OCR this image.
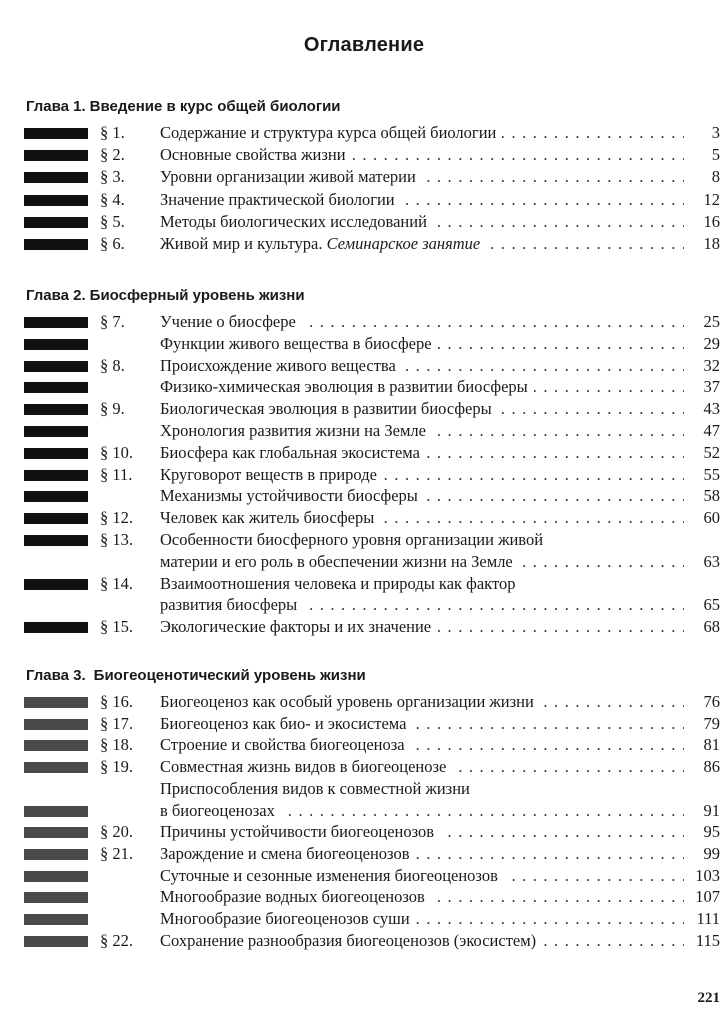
Оглавление
Глава 1. Введение в курс общей биологии
§ 1.	Содержание и структура курса общей биологии . . .	3
§ 2.	Основные свойства жизни . . .	5
§ 3.	Уровни организации живой материи . . .	8
§ 4.	Значение практической биологии . . .	12
§ 5.	Методы биологических исследований . . .	16
§ 6.	Живой мир и культура. Семинарское занятие . . .	18
Глава 2. Биосферный уровень жизни
§ 7.	Учение о биосфере . . .	25
Функции живого вещества в биосфере . . .	29
§ 8.	Происхождение живого вещества . . .	32
Физико-химическая эволюция в развитии биосферы . . .	37
§ 9.	Биологическая эволюция в развитии биосферы . . .	43
Хронология развития жизни на Земле . . .	47
§ 10.	Биосфера как глобальная экосистема . . .	52
§ 11.	Круговорот веществ в природе . . .	55
Механизмы устойчивости биосферы . . .	58
§ 12.	Человек как житель биосферы . . .	60
§ 13.	Особенности биосферного уровня организации живой
материи и его роль в обеспечении жизни на Земле . . .	63
§ 14.	Взаимоотношения человека и природы как фактор
развития биосферы . . .	65
§ 15.	Экологические факторы и их значение . . .	68
Глава 3. Биогеоценотический уровень жизни
§ 16.	Биогеоценоз как особый уровень организации жизни . . .	76
§ 17.	Биогеоценоз как био- и экосистема . . .	79
§ 18.	Строение и свойства биогеоценоза . . .	81
§ 19.	Совместная жизнь видов в биогеоценозе . . .	86
Приспособления видов к совместной жизни
в биогеоценозах . . .	91
§ 20.	Причины устойчивости биогеоценозов . . .	95
§ 21.	Зарождение и смена биогеоценозов . . .	99
Суточные и сезонные изменения биогеоценозов . . .	103
Многообразие водных биогеоценозов . . .	107
Многообразие биогеоценозов суши . . .	111
§ 22.	Сохранение разнообразия биогеоценозов (экосистем) . . .	115
221
